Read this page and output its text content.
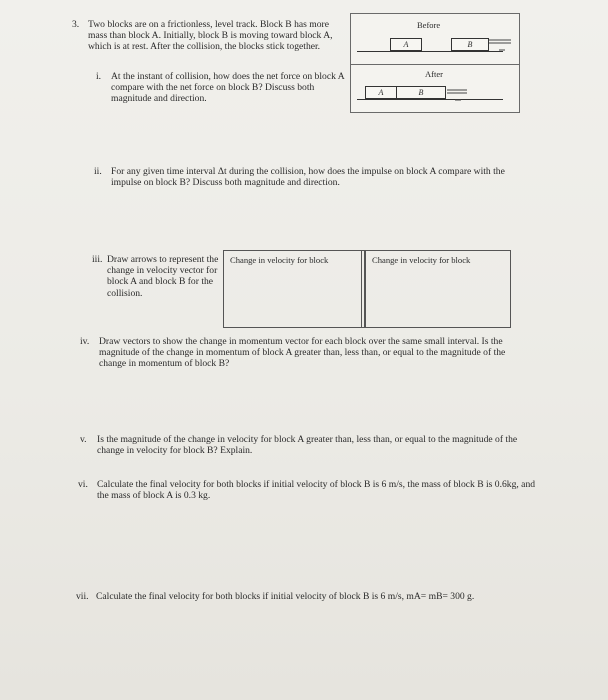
3. Two blocks are on a frictionless, level track. Block B has more mass than block A. Initially, block B is moving toward block A, which is at rest. After the collision, the blocks stick together.

Before
A	B
After
A	B
i. At the instant of collision, how does the net force on block A compare with the net force on block B? Discuss both magnitude and direction.

ii. For any given time interval Δt during the collision, how does the impulse on block A compare with the impulse on block B? Discuss both magnitude and direction.

iii. Draw arrows to represent the change in velocity vector for block A and block B for the collision.

Change in velocity for block	Change in velocity for block
iv. Draw vectors to show the change in momentum vector for each block over the same small interval. Is the magnitude of the change in momentum of block A greater than, less than, or equal to the magnitude of the change in momentum of block B?

v. Is the magnitude of the change in velocity for block A greater than, less than, or equal to the magnitude of the change in velocity for block B? Explain.

vi. Calculate the final velocity for both blocks if initial velocity of block B is 6 m/s, the mass of block B is 0.6kg, and the mass of block A is 0.3 kg.

vii. Calculate the final velocity for both blocks if initial velocity of block B is 6 m/s, mA= mB= 300 g.
